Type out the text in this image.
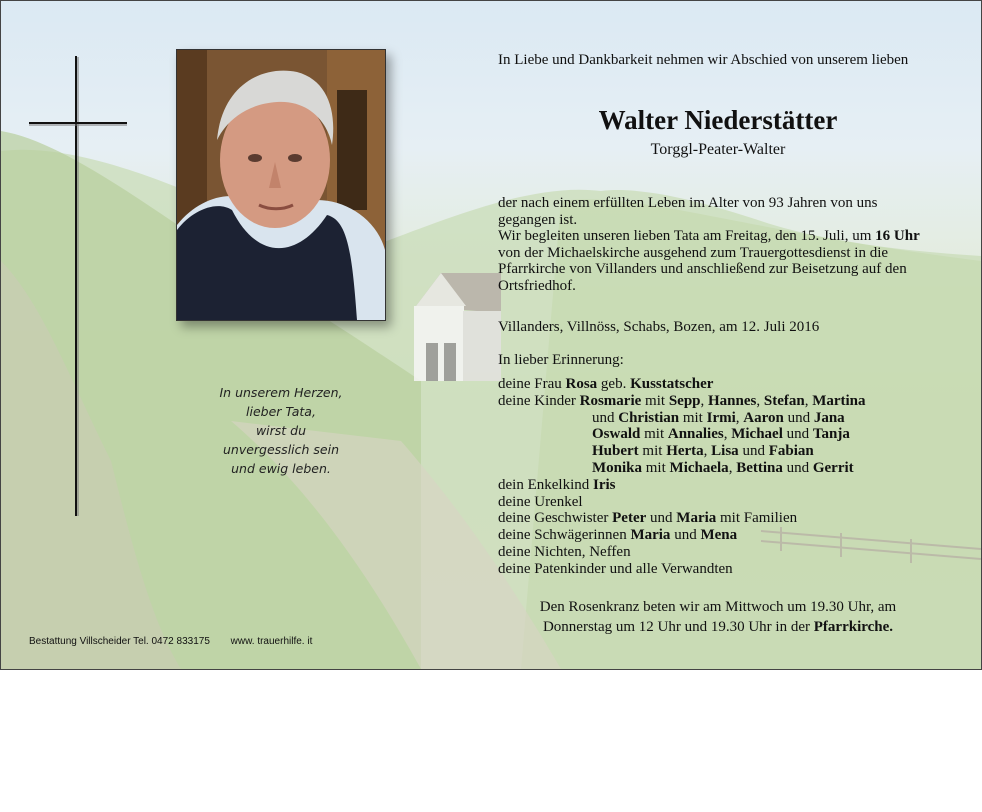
In unserem Herzen,
lieber Tata,
wirst du
unvergesslich sein
und ewig leben.
In Liebe und Dankbarkeit nehmen wir Abschied von unserem lieben
Walter Niederstätter
Torggl-Peater-Walter

der nach einem erfüllten Leben im Alter von 93 Jahren von uns gegangen ist.

Wir begleiten unseren lieben Tata am Freitag, den 15. Juli, um 16 Uhr von der Michaelskirche ausgehend zum Trauergottesdienst in die Pfarrkirche von Villanders und anschließend zur Beisetzung auf den Ortsfriedhof.

Villanders, Villnöss, Schabs, Bozen, am 12. Juli 2016
In lieber Erinnerung:
deine Frau Rosa geb. Kusstatscher
deine Kinder Rosmarie mit Sepp, Hannes, Stefan, Martina
und Christian mit Irmi, Aaron und Jana
Oswald mit Annalies, Michael und Tanja
Hubert mit Herta, Lisa und Fabian
Monika mit Michaela, Bettina und Gerrit
dein Enkelkind Iris
deine Urenkel
deine Geschwister Peter und Maria mit Familien
deine Schwägerinnen Maria und Mena
deine Nichten, Neffen
deine Patenkinder und alle Verwandten
Den Rosenkranz beten wir am Mittwoch um 19.30 Uhr, am
Donnerstag um 12 Uhr und 19.30 Uhr in der Pfarrkirche.
Bestattung Villscheider Tel. 0472 833175 www. trauerhilfe. it
